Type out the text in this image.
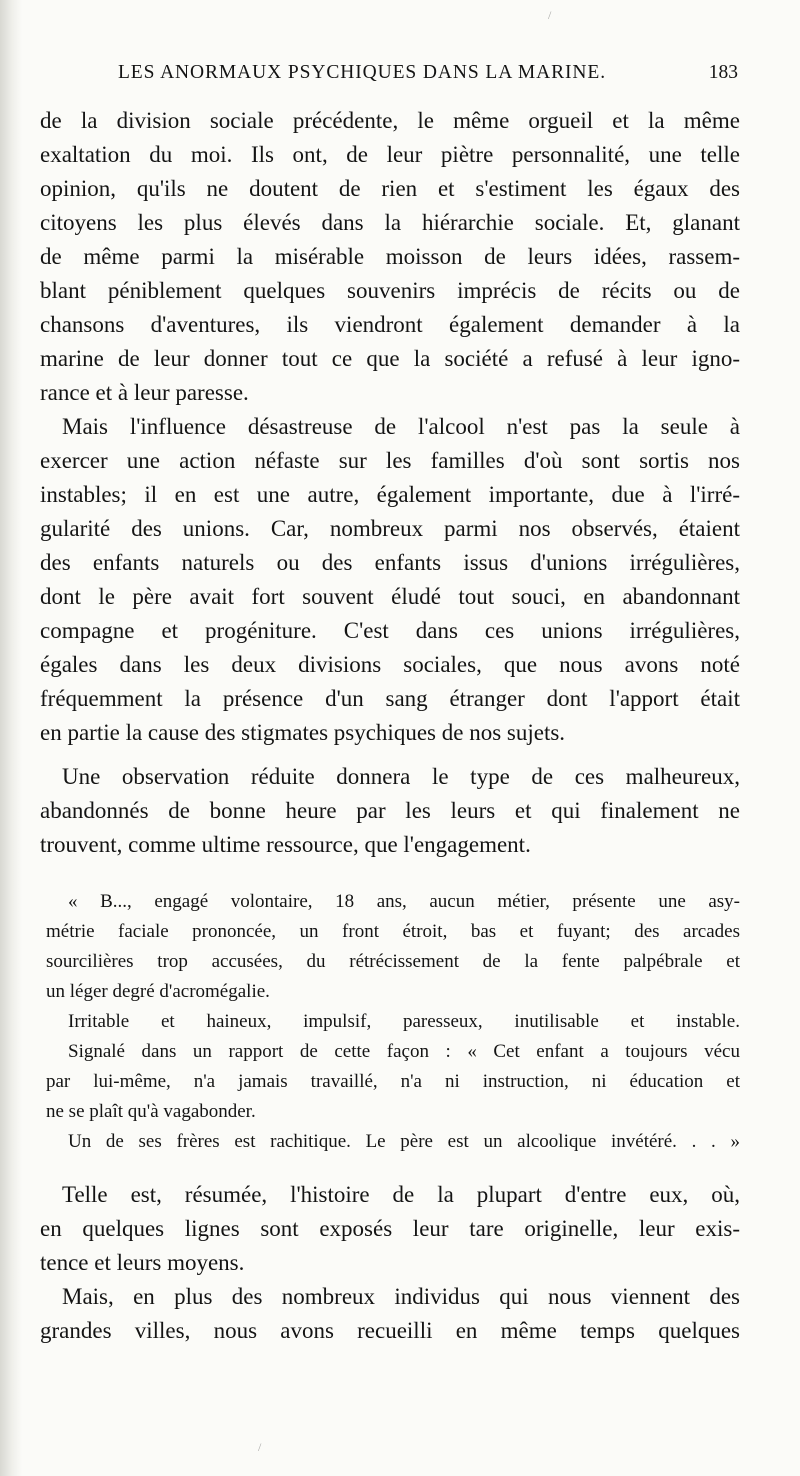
LES ANORMAUX PSYCHIQUES DANS LA MARINE.	183
de la division sociale précédente, le même orgueil et la même
exaltation du moi. Ils ont, de leur piètre personnalité, une telle
opinion, qu'ils ne doutent de rien et s'estiment les égaux des
citoyens les plus élevés dans la hiérarchie sociale. Et, glanant
de même parmi la misérable moisson de leurs idées, rassem-
blant péniblement quelques souvenirs imprécis de récits ou de
chansons d'aventures, ils viendront également demander à la
marine de leur donner tout ce que la société a refusé à leur igno-
rance et à leur paresse.
Mais l'influence désastreuse de l'alcool n'est pas la seule à
exercer une action néfaste sur les familles d'où sont sortis nos
instables; il en est une autre, également importante, due à l'irré-
gularité des unions. Car, nombreux parmi nos observés, étaient
des enfants naturels ou des enfants issus d'unions irrégulières,
dont le père avait fort souvent éludé tout souci, en abandonnant
compagne et progéniture. C'est dans ces unions irrégulières,
égales dans les deux divisions sociales, que nous avons noté
fréquemment la présence d'un sang étranger dont l'apport était
en partie la cause des stigmates psychiques de nos sujets.
Une observation réduite donnera le type de ces malheureux,
abandonnés de bonne heure par les leurs et qui finalement ne
trouvent, comme ultime ressource, que l'engagement.
« B..., engagé volontaire, 18 ans, aucun métier, présente une asy-
métrie faciale prononcée, un front étroit, bas et fuyant; des arcades
sourcilières trop accusées, du rétrécissement de la fente palpébrale et
un léger degré d'acromégalie.
Irritable et haineux, impulsif, paresseux, inutilisable et instable.
Signalé dans un rapport de cette façon : « Cet enfant a toujours vécu
par lui-même, n'a jamais travaillé, n'a ni instruction, ni éducation et
ne se plaît qu'à vagabonder.
Un de ses frères est rachitique. Le père est un alcoolique invétéré. . . »
Telle est, résumée, l'histoire de la plupart d'entre eux, où,
en quelques lignes sont exposés leur tare originelle, leur exis-
tence et leurs moyens.
Mais, en plus des nombreux individus qui nous viennent des
grandes villes, nous avons recueilli en même temps quelques
/
/
